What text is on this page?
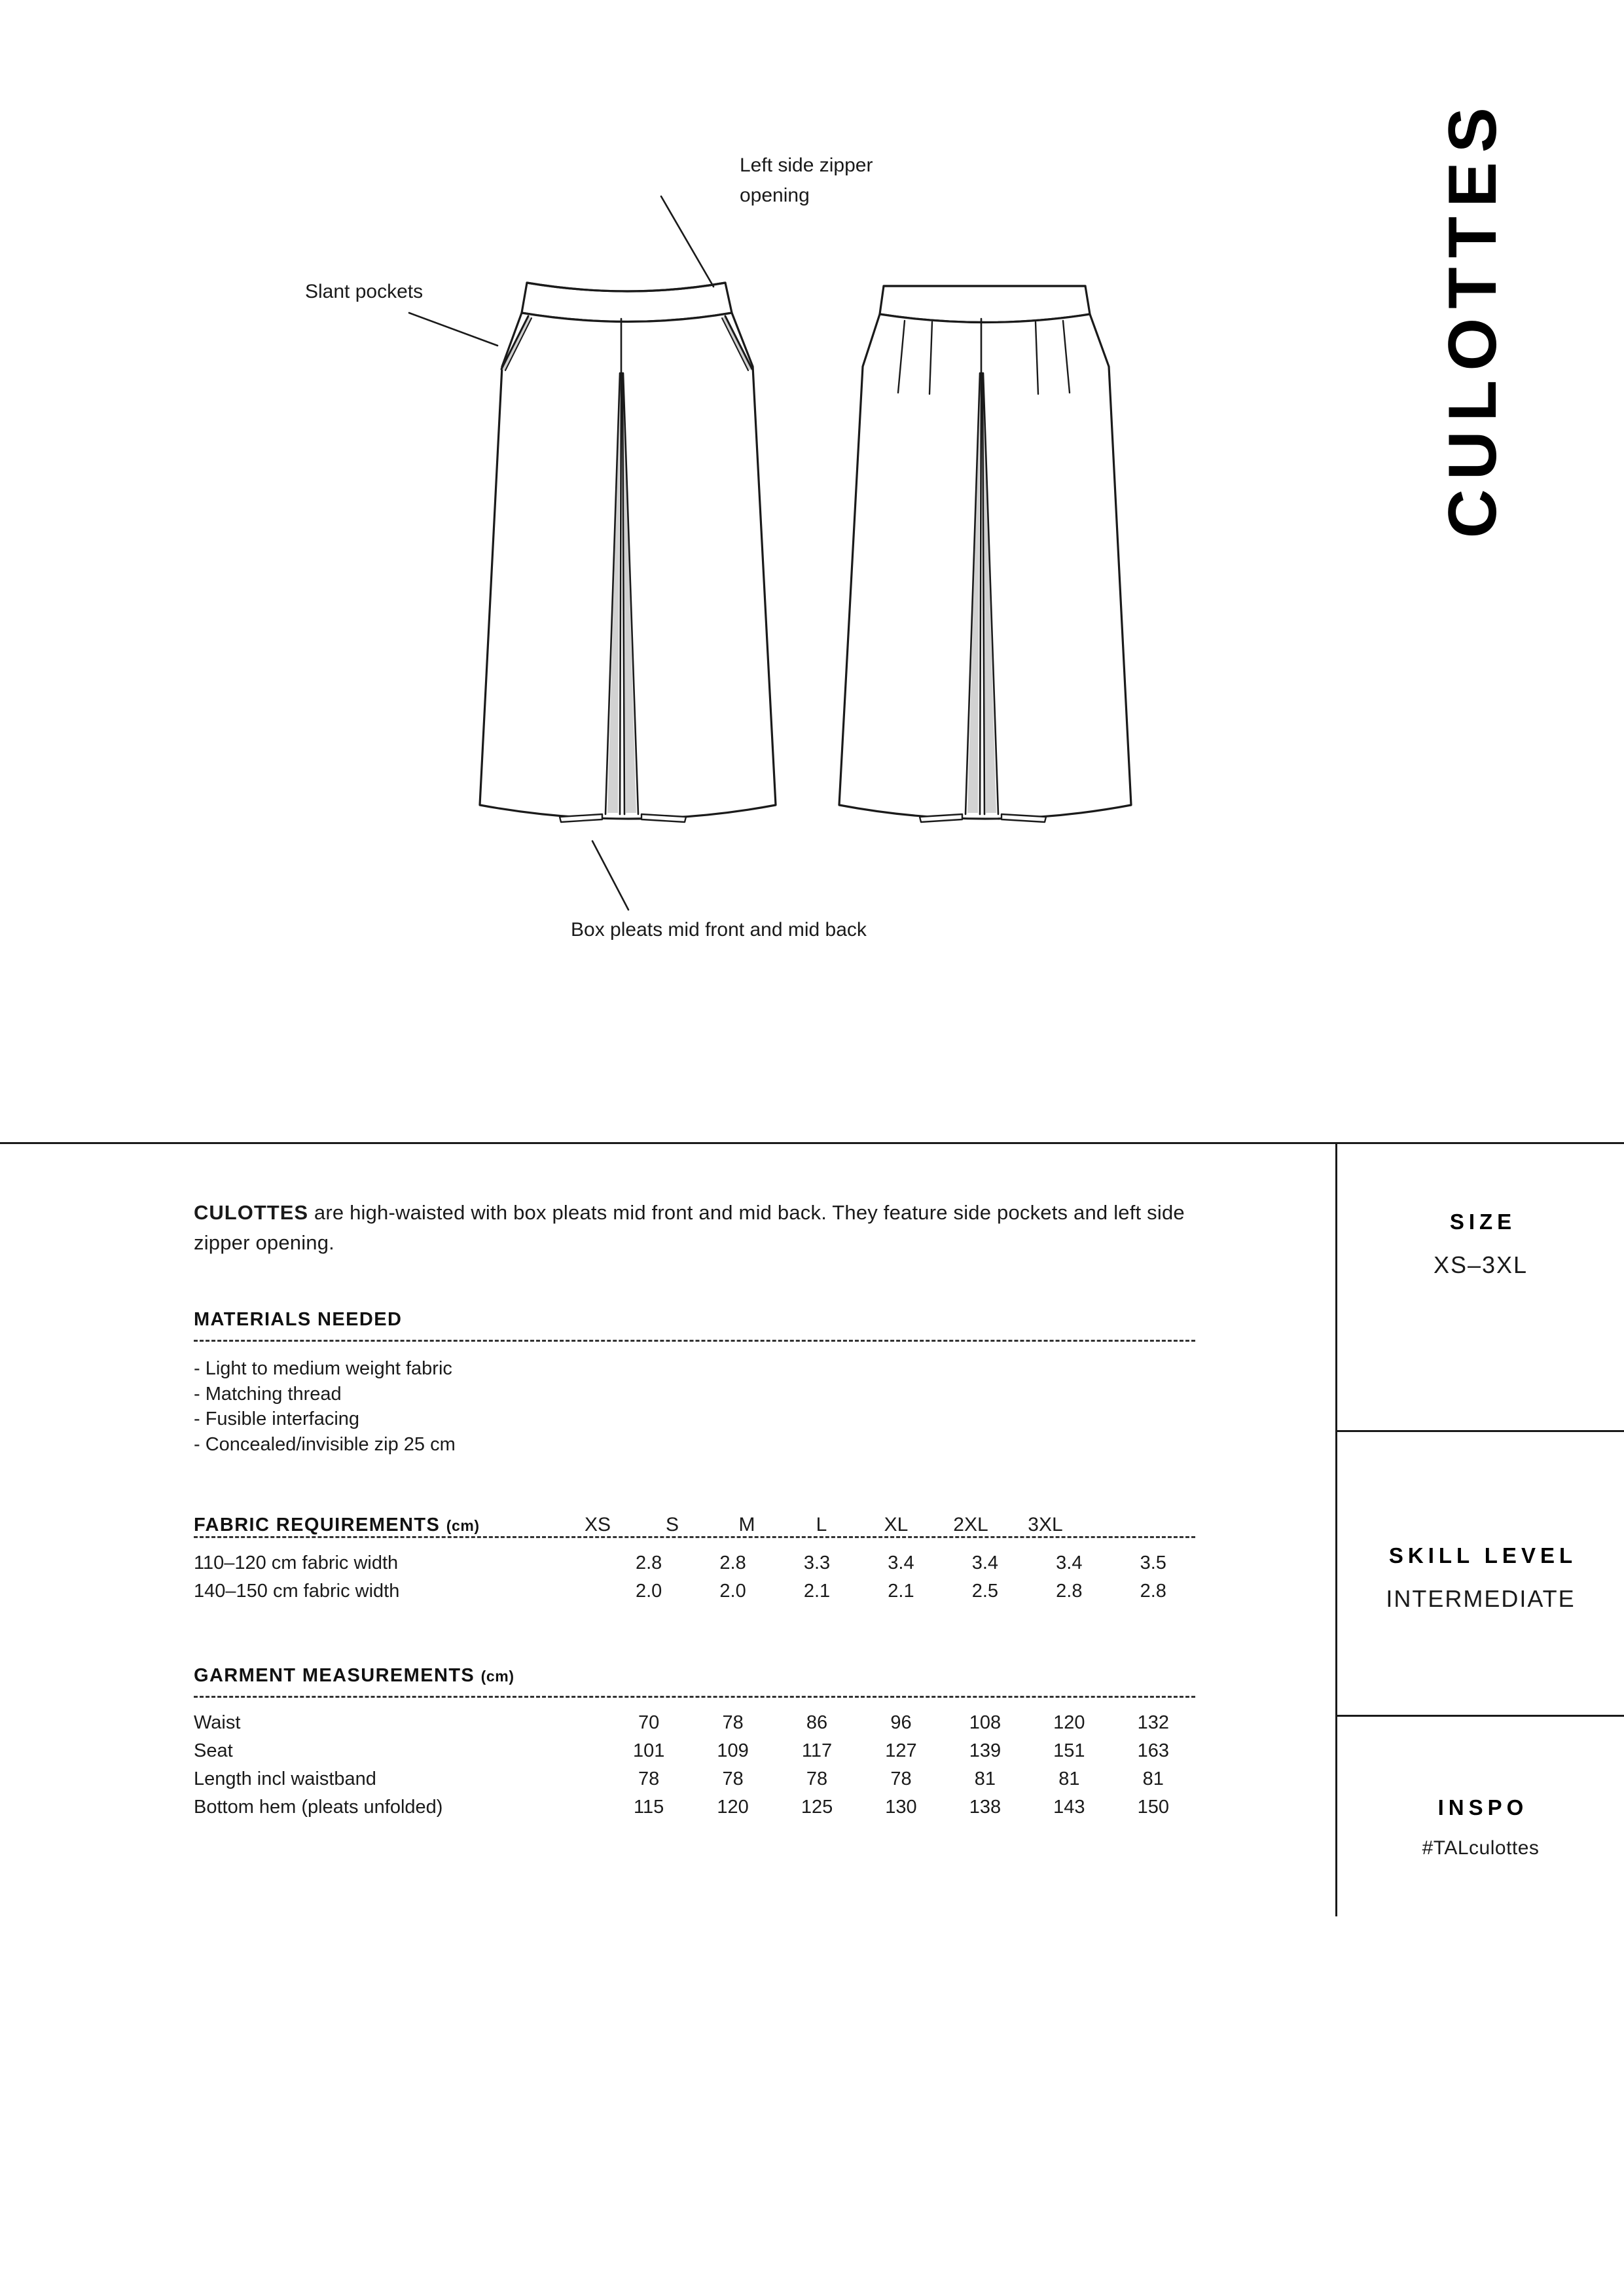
CULOTTES
Slant pockets
Left side zipper
opening
Box pleats mid front and mid back

CULOTTES are high-waisted with box pleats mid front and mid back. They feature side pockets and left side zipper opening.

MATERIALS NEEDED
- Light to medium weight fabric
- Matching thread
- Fusible interfacing
- Concealed/invisible zip 25 cm
FABRIC REQUIREMENTS (cm)	XS	S	M	L	XL	2XL	3XL
110–120 cm fabric width	2.8	2.8	3.3	3.4	3.4	3.4	3.5
140–150 cm fabric width	2.0	2.0	2.1	2.1	2.5	2.8	2.8
GARMENT MEASUREMENTS (cm)
Waist	70	78	86	96	108	120	132
Seat	101	109	117	127	139	151	163
Length incl waistband	78	78	78	78	81	81	81
Bottom hem (pleats unfolded)	115	120	125	130	138	143	150
SIZE
XS–3XL
SKILL LEVEL
INTERMEDIATE
INSPO
#TALculottes
